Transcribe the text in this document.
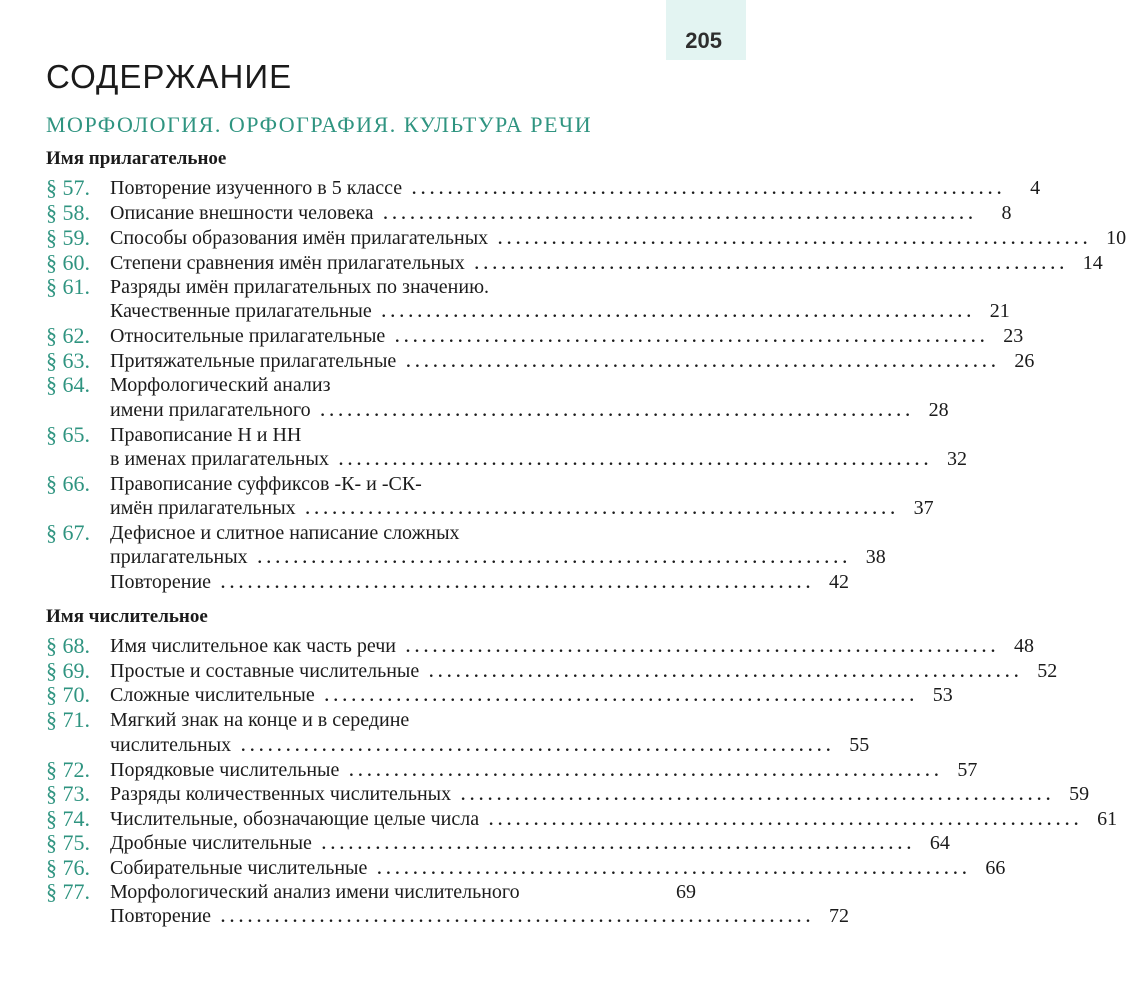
205
СОДЕРЖАНИЕ
МОРФОЛОГИЯ. ОРФОГРАФИЯ. КУЛЬТУРА РЕЧИ
Имя прилагательное
§ 57. Повторение изученного в 5 классе ..................................................................	4
§ 58. Описание внешности человека ..................................................................	8
§ 59. Способы образования имён прилагательных .................................................................. 10
§ 60. Степени сравнения имён прилагательных .................................................................. 14
§ 61. Разряды имён прилагательных по значению.
Качественные прилагательные .................................................................. 21
§ 62. Относительные прилагательные .................................................................. 23
§ 63. Притяжательные прилагательные .................................................................. 26
§ 64. Морфологический анализ
имени прилагательного .................................................................. 28
§ 65. Правописание Н и НН
в именах прилагательных .................................................................. 32
§ 66. Правописание суффиксов -К- и -СК-
имён прилагательных .................................................................. 37
§ 67. Дефисное и слитное написание сложных
прилагательных .................................................................. 38
Повторение .................................................................. 42
Имя числительное
§ 68. Имя числительное как часть речи .................................................................. 48
§ 69. Простые и составные числительные .................................................................. 52
§ 70. Сложные числительные .................................................................. 53
§ 71. Мягкий знак на конце и в середине
числительных .................................................................. 55
§ 72. Порядковые числительные .................................................................. 57
§ 73. Разряды количественных числительных .................................................................. 59
§ 74. Числительные, обозначающие целые числа .................................................................. 61
§ 75. Дробные числительные .................................................................. 64
§ 76. Собирательные числительные .................................................................. 66
§ 77. Морфологический анализ имени числительного	69
Повторение .................................................................. 72
